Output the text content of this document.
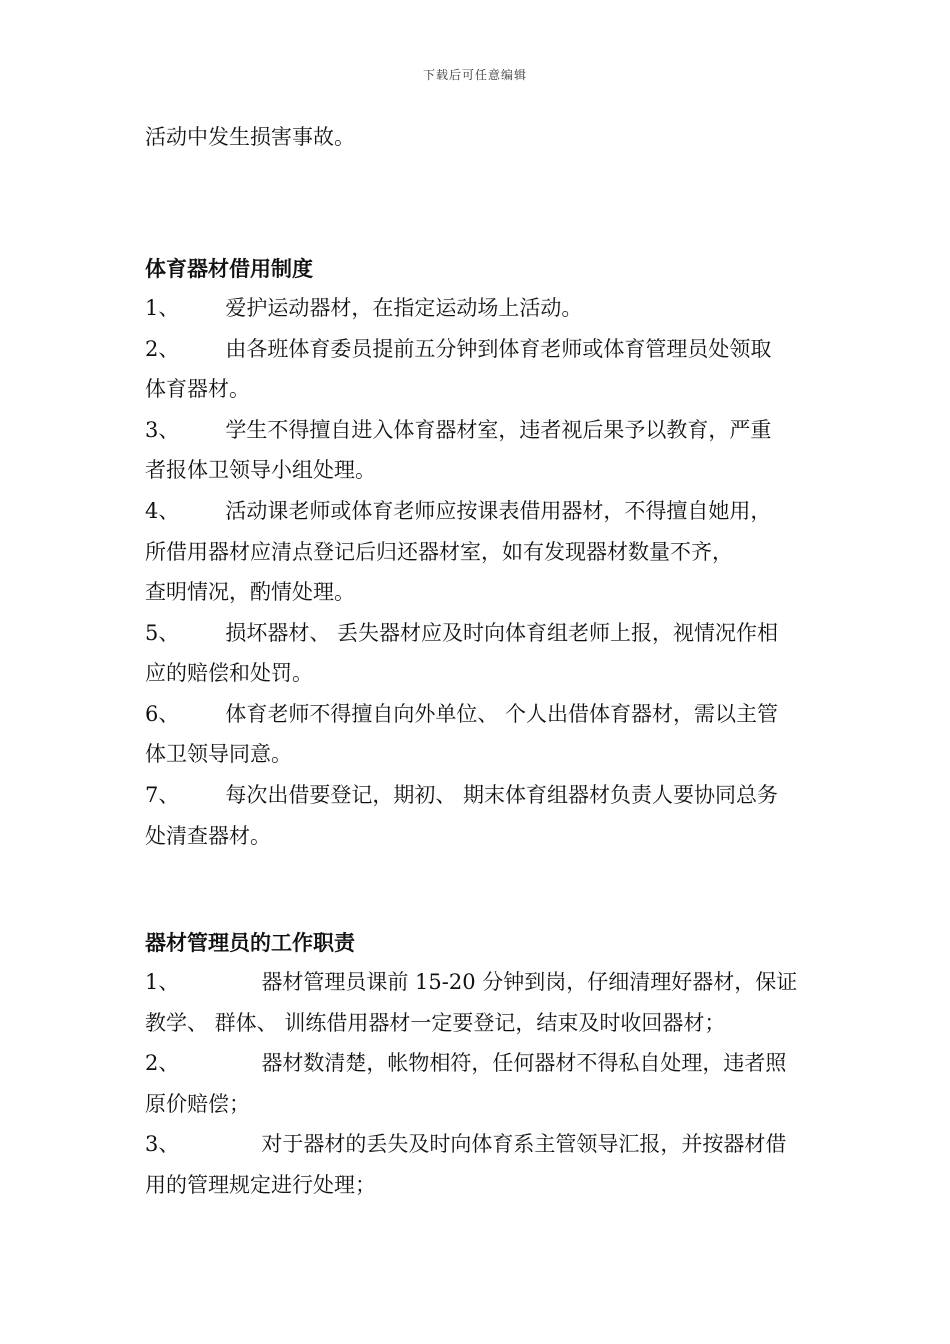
下载后可任意编辑
活动中发生损害事故。
体育器材借用制度
1、 爱护运动器材，在指定运动场上活动。
2、 由各班体育委员提前五分钟到体育老师或体育管理员处领取
体育器材。
3、 学生不得擅自进入体育器材室，违者视后果予以教育，严重
者报体卫领导小组处理。
4、 活动课老师或体育老师应按课表借用器材，不得擅自她用，
所借用器材应清点登记后归还器材室，如有发现器材数量不齐，
查明情况，酌情处理。
5、 损坏器材、 丢失器材应及时向体育组老师上报，视情况作相
应的赔偿和处罚。
6、 体育老师不得擅自向外单位、 个人出借体育器材，需以主管
体卫领导同意。
7、 每次出借要登记，期初、 期末体育组器材负责人要协同总务
处清查器材。
器材管理员的工作职责
1、	器材管理员课前 15-20 分钟到岗，仔细清理好器材，保证
教学、 群体、 训练借用器材一定要登记，结束及时收回器材；
2、	器材数清楚，帐物相符，任何器材不得私自处理，违者照
原价赔偿；
3、	对于器材的丢失及时向体育系主管领导汇报，并按器材借
用的管理规定进行处理；
